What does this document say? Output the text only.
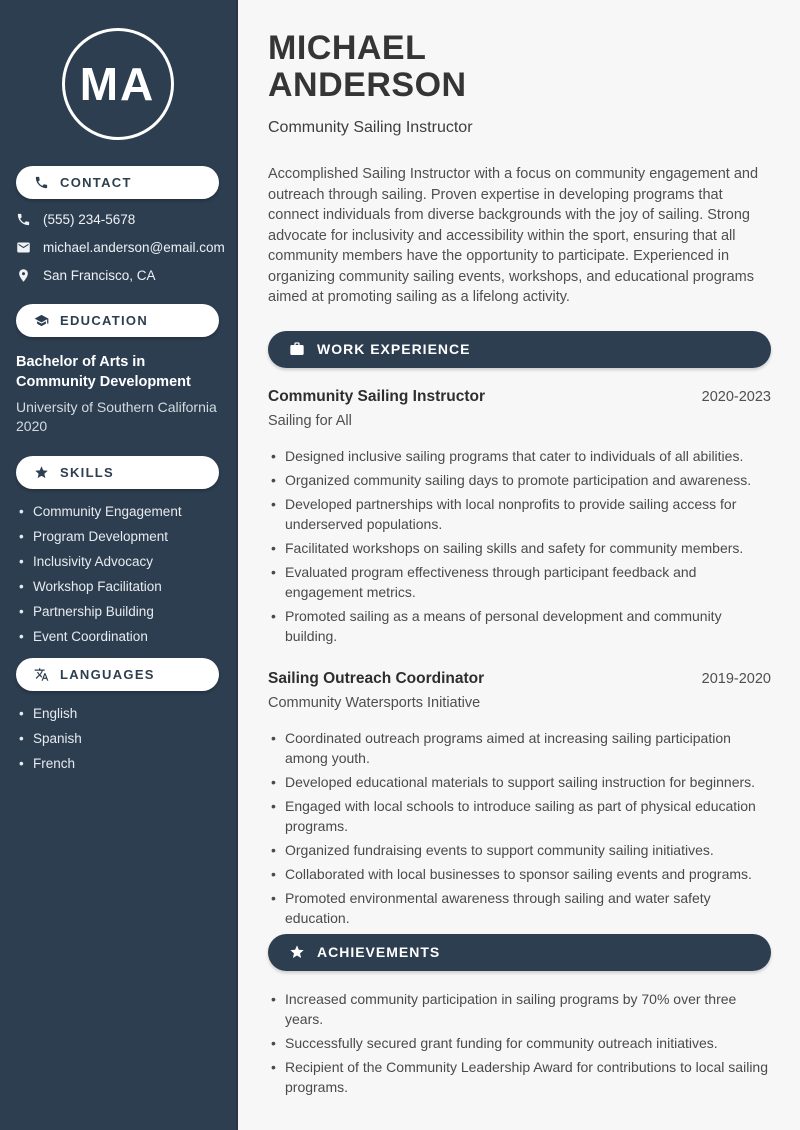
MA
CONTACT
(555) 234-5678
michael.anderson@email.com
San Francisco, CA
EDUCATION
Bachelor of Arts in Community Development
University of Southern California
2020
SKILLS
• Community Engagement
• Program Development
• Inclusivity Advocacy
• Workshop Facilitation
• Partnership Building
• Event Coordination
LANGUAGES
• English
• Spanish
• French
MICHAEL
ANDERSON
Community Sailing Instructor

Accomplished Sailing Instructor with a focus on community engagement and outreach through sailing. Proven expertise in developing programs that connect individuals from diverse backgrounds with the joy of sailing. Strong advocate for inclusivity and accessibility within the sport, ensuring that all community members have the opportunity to participate. Experienced in organizing community sailing events, workshops, and educational programs aimed at promoting sailing as a lifelong activity.

WORK EXPERIENCE
Community Sailing Instructor	2020-2023
Sailing for All
• Designed inclusive sailing programs that cater to individuals of all abilities.
• Organized community sailing days to promote participation and awareness.
• Developed partnerships with local nonprofits to provide sailing access for underserved populations.
• Facilitated workshops on sailing skills and safety for community members.
• Evaluated program effectiveness through participant feedback and engagement metrics.
• Promoted sailing as a means of personal development and community building.
Sailing Outreach Coordinator	2019-2020
Community Watersports Initiative
• Coordinated outreach programs aimed at increasing sailing participation among youth.
• Developed educational materials to support sailing instruction for beginners.
• Engaged with local schools to introduce sailing as part of physical education programs.
• Organized fundraising events to support community sailing initiatives.
• Collaborated with local businesses to sponsor sailing events and programs.
• Promoted environmental awareness through sailing and water safety education.
ACHIEVEMENTS
• Increased community participation in sailing programs by 70% over three years.
• Successfully secured grant funding for community outreach initiatives.
• Recipient of the Community Leadership Award for contributions to local sailing programs.
